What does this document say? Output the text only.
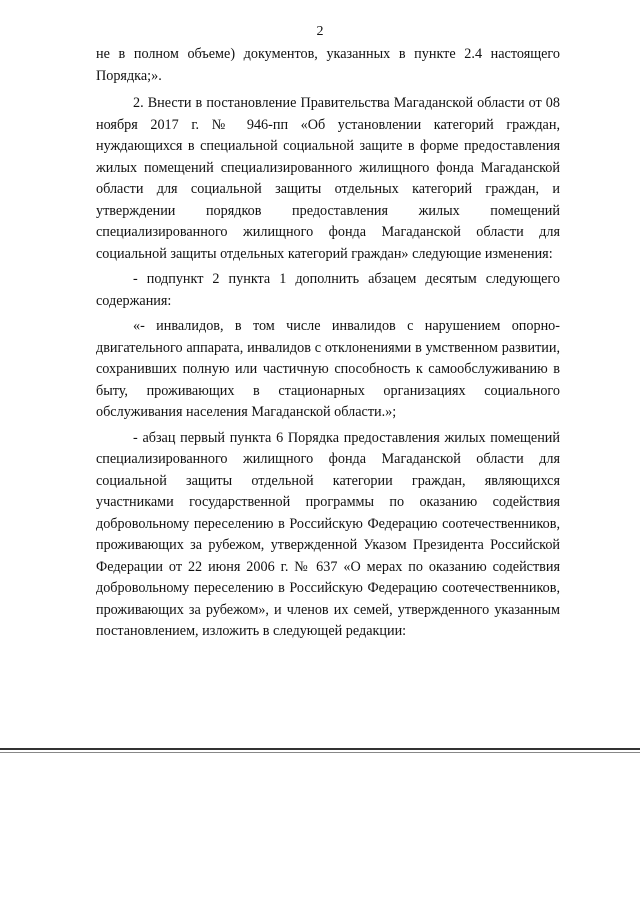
2

не в полном объеме) документов, указанных в пункте 2.4 настоящего Порядка;».

2. Внести в постановление Правительства Магаданской области от 08 ноября 2017 г. № 946-пп «Об установлении категорий граждан, нуждающихся в специальной социальной защите в форме предоставления жилых помещений специализированного жилищного фонда Магаданской области для социальной защиты отдельных категорий граждан, и утверждении порядков предоставления жилых помещений специализированного жилищного фонда Магаданской области для социальной защиты отдельных категорий граждан» следующие изменения:

- подпункт 2 пункта 1 дополнить абзацем десятым следующего содержания:

«- инвалидов, в том числе инвалидов с нарушением опорно-двигательного аппарата, инвалидов с отклонениями в умственном развитии, сохранивших полную или частичную способность к самообслуживанию в быту, проживающих в стационарных организациях социального обслуживания населения Магаданской области.»;

- абзац первый пункта 6 Порядка предоставления жилых помещений специализированного жилищного фонда Магаданской области для социальной защиты отдельной категории граждан, являющихся участниками государственной программы по оказанию содействия добровольному переселению в Российскую Федерацию соотечественников, проживающих за рубежом, утвержденной Указом Президента Российской Федерации от 22 июня 2006 г. № 637 «О мерах по оказанию содействия добровольному переселению в Российскую Федерацию соотечественников, проживающих за рубежом», и членов их семей, утвержденного указанным постановлением, изложить в следующей редакции:
